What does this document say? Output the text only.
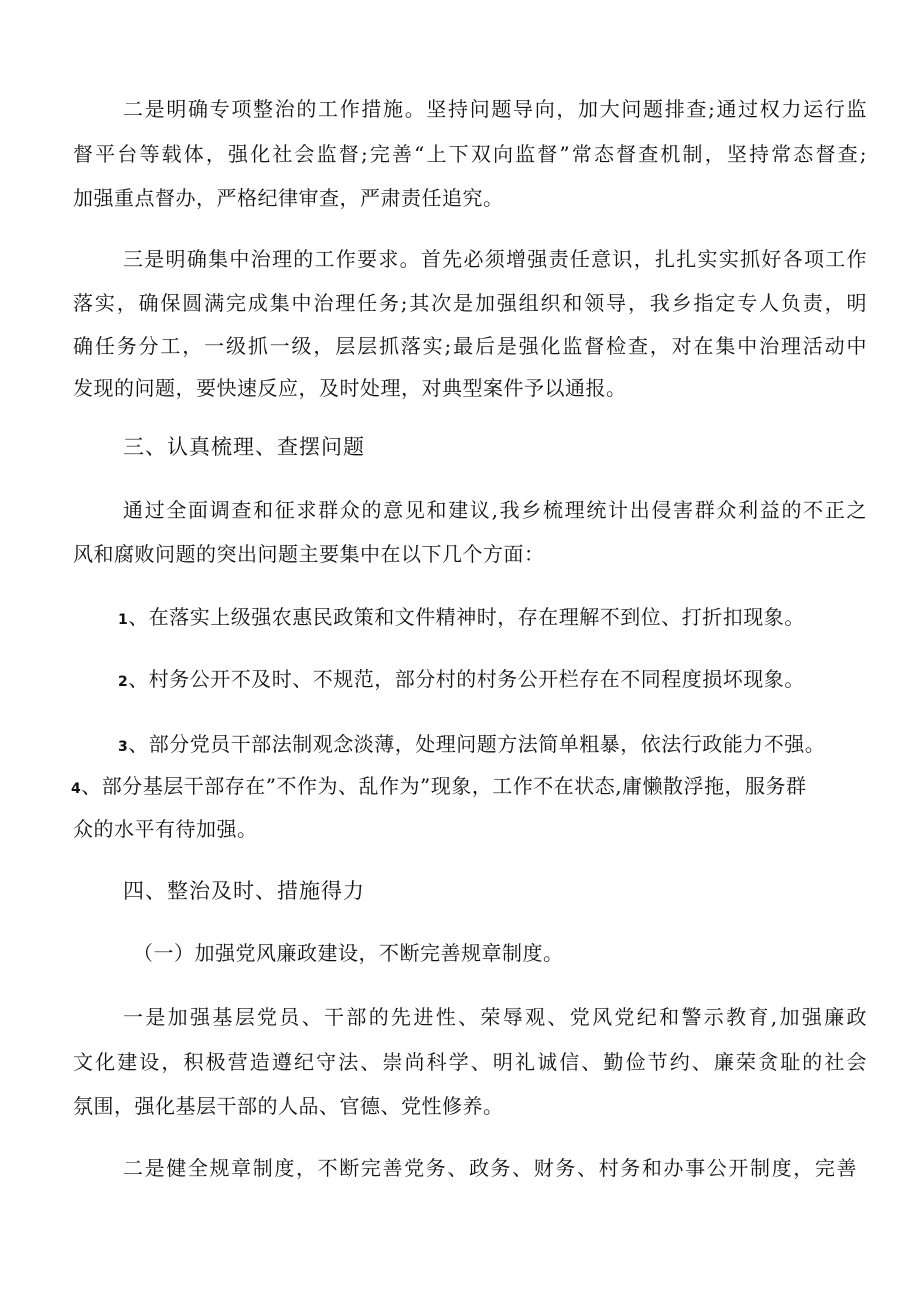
二是明确专项整治的工作措施。坚持问题导向，加大问题排查;通过权力运行监
督平台等载体，强化社会监督;完善“上下双向监督”常态督查机制，坚持常态督查;
加强重点督办，严格纪律审查，严肃责任追究。
三是明确集中治理的工作要求。首先必须增强责任意识，扎扎实实抓好各项工作
落实，确保圆满完成集中治理任务;其次是加强组织和领导，我乡指定专人负责，明
确任务分工，一级抓一级，层层抓落实;最后是强化监督检查，对在集中治理活动中
发现的问题，要快速反应，及时处理，对典型案件予以通报。
三、认真梳理、查摆问题
通过全面调查和征求群众的意见和建议,我乡梳理统计出侵害群众利益的不正之
风和腐败问题的突出问题主要集中在以下几个方面：
1、在落实上级强农惠民政策和文件精神时，存在理解不到位、打折扣现象。
2、村务公开不及时、不规范，部分村的村务公开栏存在不同程度损坏现象。
3、部分党员干部法制观念淡薄，处理问题方法简单粗暴，依法行政能力不强。
4、部分基层干部存在”不作为、乱作为”现象，工作不在状态,庸懒散浮拖，服务群
众的水平有待加强。
四、整治及时、措施得力
（一）加强党风廉政建设，不断完善规章制度。
一是加强基层党员、干部的先进性、荣辱观、党风党纪和警示教育,加强廉政
文化建设，积极营造遵纪守法、崇尚科学、明礼诚信、勤俭节约、廉荣贪耻的社会
氛围，强化基层干部的人品、官德、党性修养。
二是健全规章制度，不断完善党务、政务、财务、村务和办事公开制度，完善
